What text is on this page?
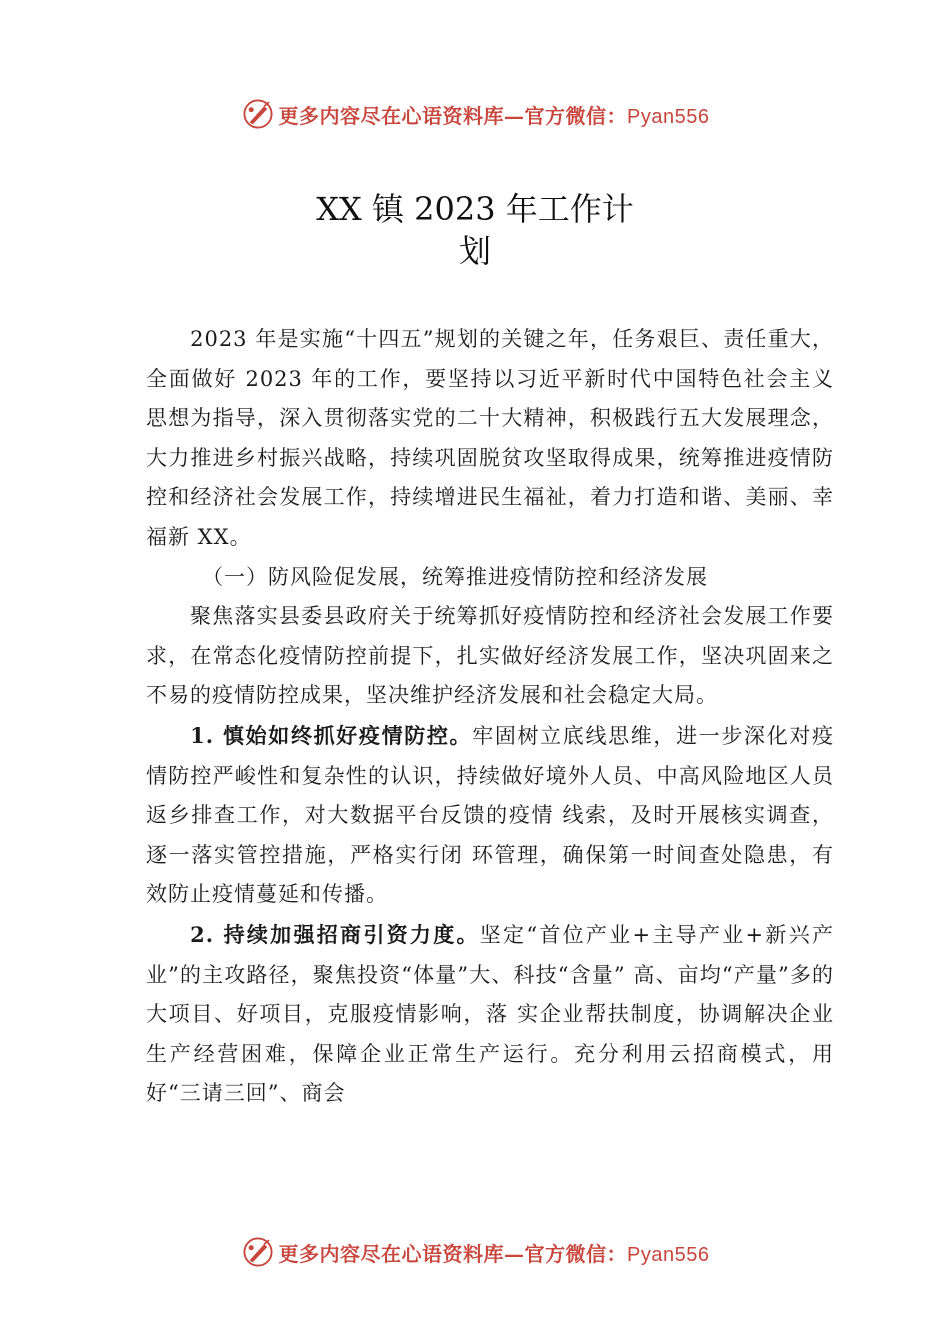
更多内容尽在心语资料库—官方微信：Pyan556
XX 镇 2023 年工作计
划

2023 年是实施“十四五”规划的关键之年，任务艰巨、责任重大，全面做好 2023 年的工作，要坚持以习近平新时代中国特色社会主义思想为指导，深入贯彻落实党的二十大精神，积极践行五大发展理念，大力推进乡村振兴战略，持续巩固脱贫攻坚取得成果，统筹推进疫情防控和经济社会发展工作，持续增进民生福祉，着力打造和谐、美丽、幸福新 XX。

（一）防风险促发展，统筹推进疫情防控和经济发展

聚焦落实县委县政府关于统筹抓好疫情防控和经济社会发展工作要求，在常态化疫情防控前提下，扎实做好经济发展工作，坚决巩固来之不易的疫情防控成果，坚决维护经济发展和社会稳定大局。

1. 慎始如终抓好疫情防控。牢固树立底线思维，进一步深化对疫情防控严峻性和复杂性的认识，持续做好境外人员、中高风险地区人员返乡排查工作，对大数据平台反馈的疫情 线索，及时开展核实调查，逐一落实管控措施，严格实行闭 环管理，确保第一时间查处隐患，有效防止疫情蔓延和传播。

2. 持续加强招商引资力度。坚定“首位产业+主导产业+新兴产业”的主攻路径，聚焦投资“体量”大、科技“含量” 高、亩均“产量”多的大项目、好项目，克服疫情影响，落 实企业帮扶制度，协调解决企业生产经营困难，保障企业正常生产运行。充分利用云招商模式，用好“三请三回”、商会

更多内容尽在心语资料库—官方微信：Pyan556
